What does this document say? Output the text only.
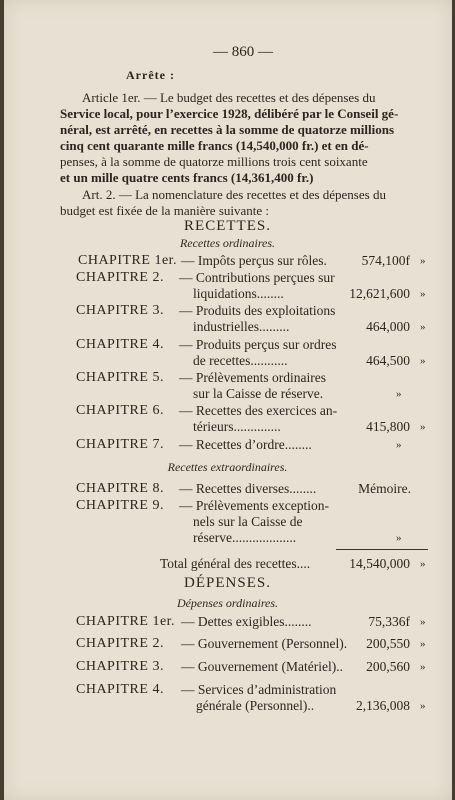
— 860 —
Arrête :
Article 1er. — Le budget des recettes et des dépenses du
Service local, pour l’exercice 1928, délibéré par le Conseil gé-
néral, est arrêté, en recettes à la somme de quatorze millions
cinq cent quarante mille francs (14,540,000 fr.) et en dé-
penses, à la somme de quatorze millions trois cent soixante
et un mille quatre cents francs (14,361,400 fr.)
Art. 2. — La nomenclature des recettes et des dépenses du
budget est fixée de la manière suivante :
RECETTES.
Recettes ordinaires.
CHAPITRE 1er. — Impôts perçus sur rôles.	574,100f »
CHAPITRE 2. — Contributions perçues sur
liquidations........	12,621,600 »
CHAPITRE 3. — Produits des exploitations
industrielles.........	464,000 »
CHAPITRE 4. — Produits perçus sur ordres
de recettes...........	464,500 »
CHAPITRE 5. — Prélèvements ordinaires
sur la Caisse de réserve.	»
CHAPITRE 6. — Recettes des exercices an-
térieurs..............	415,800 »
CHAPITRE 7. — Recettes d’ordre........	»
Recettes extraordinaires.
CHAPITRE 8. — Recettes diverses........	Mémoire.
CHAPITRE 9. — Prélèvements exception-
nels sur la Caisse de
réserve...................	»
Total général des recettes....	14,540,000 »
DÉPENSES.
Dépenses ordinaires.
CHAPITRE 1er. — Dettes exigibles........	75,336f »
CHAPITRE 2. — Gouvernement (Personnel). 200,550 »
CHAPITRE 3. — Gouvernement (Matériel).. 200,560 »
CHAPITRE 4. — Services d’administration
générale (Personnel)..	2,136,008 »
